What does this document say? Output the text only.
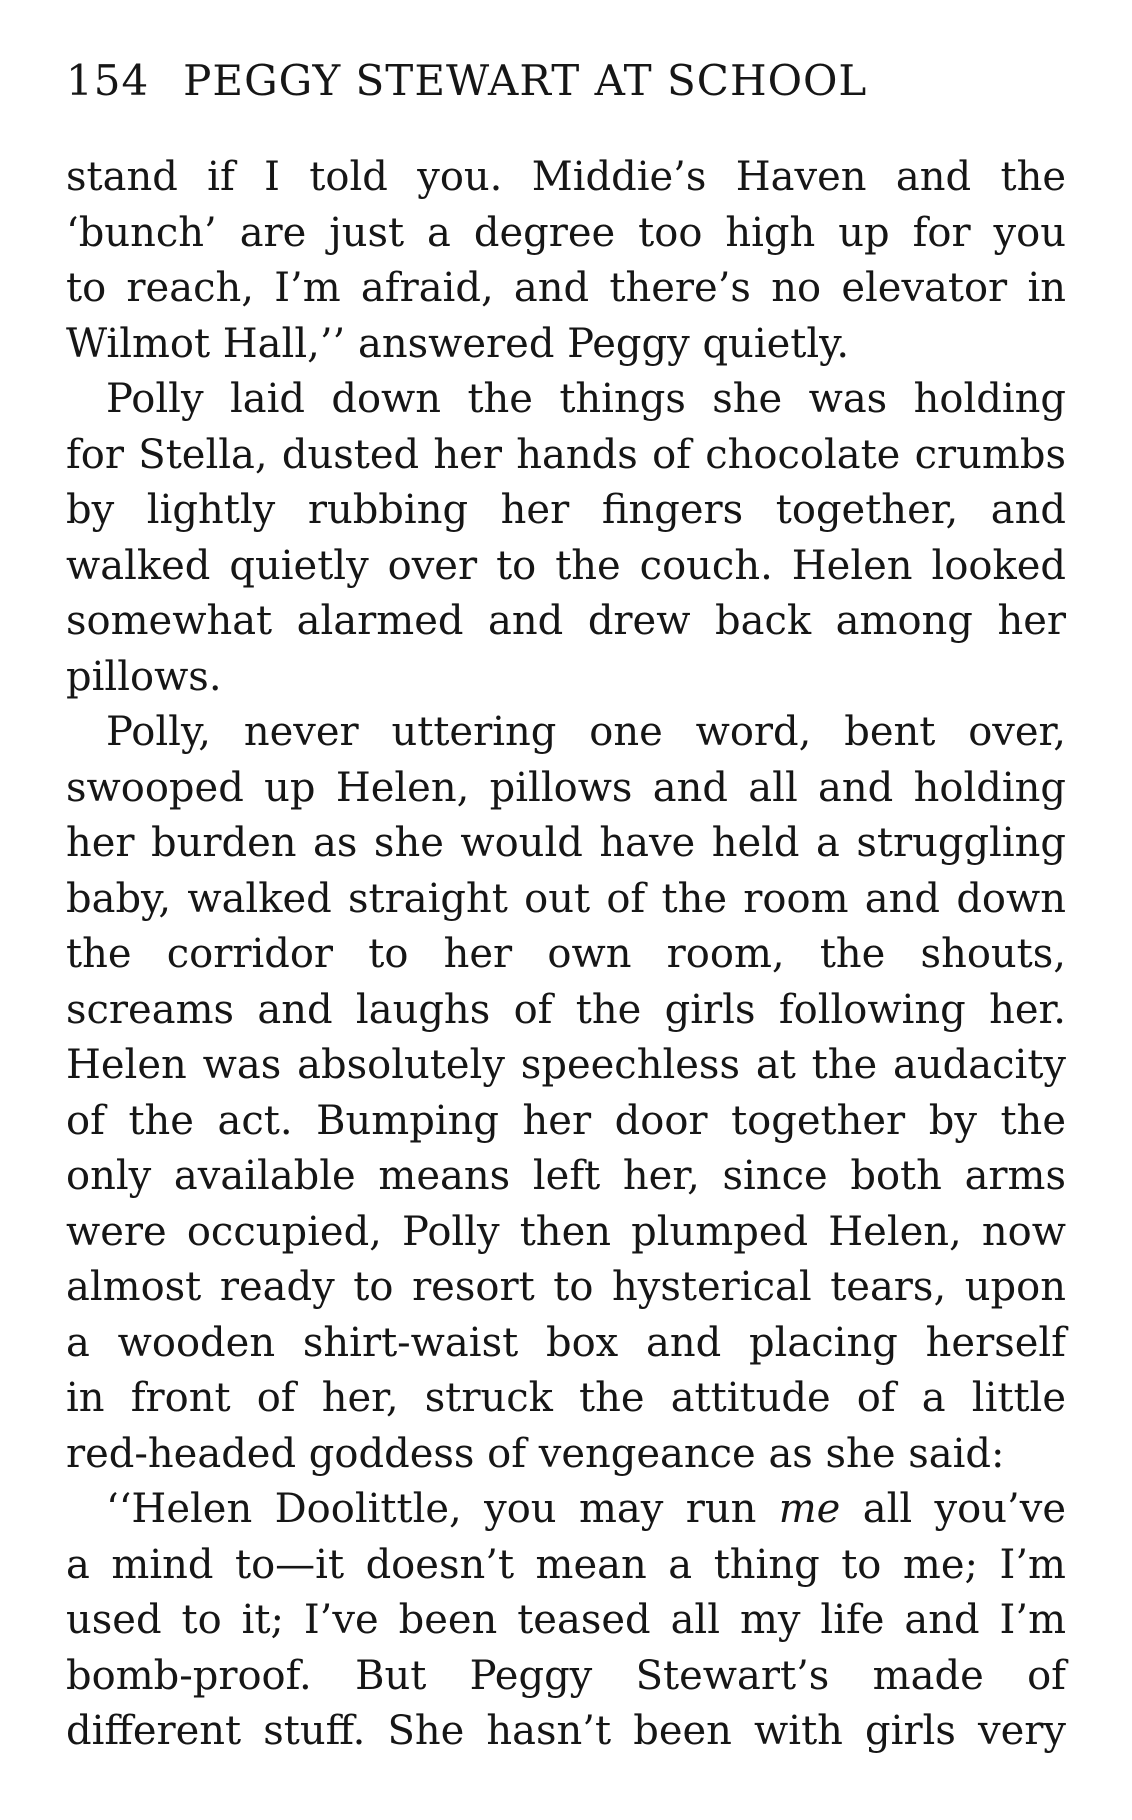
154 PEGGY STEWART AT SCHOOL
stand if I told you. Middie’s Haven and the
‘bunch’ are just a degree too high up for you
to reach, I’m afraid, and there’s no elevator in
Wilmot Hall,’’ answered Peggy quietly.
Polly laid down the things she was holding
for Stella, dusted her hands of chocolate crumbs
by lightly rubbing her fingers together, and
walked quietly over to the couch. Helen looked
somewhat alarmed and drew back among her
pillows.
Polly, never uttering one word, bent over,
swooped up Helen, pillows and all and holding
her burden as she would have held a struggling
baby, walked straight out of the room and down
the corridor to her own room, the shouts,
screams and laughs of the girls following her.
Helen was absolutely speechless at the audacity
of the act. Bumping her door together by the
only available means left her, since both arms
were occupied, Polly then plumped Helen, now
almost ready to resort to hysterical tears, upon
a wooden shirt-waist box and placing herself
in front of her, struck the attitude of a little
red-headed goddess of vengeance as she said:
‘‘Helen Doolittle, you may run me all you’ve
a mind to—it doesn’t mean a thing to me; I’m
used to it; I’ve been teased all my life and I’m
bomb-proof. But Peggy Stewart’s made of
different stuff. She hasn’t been with girls very
